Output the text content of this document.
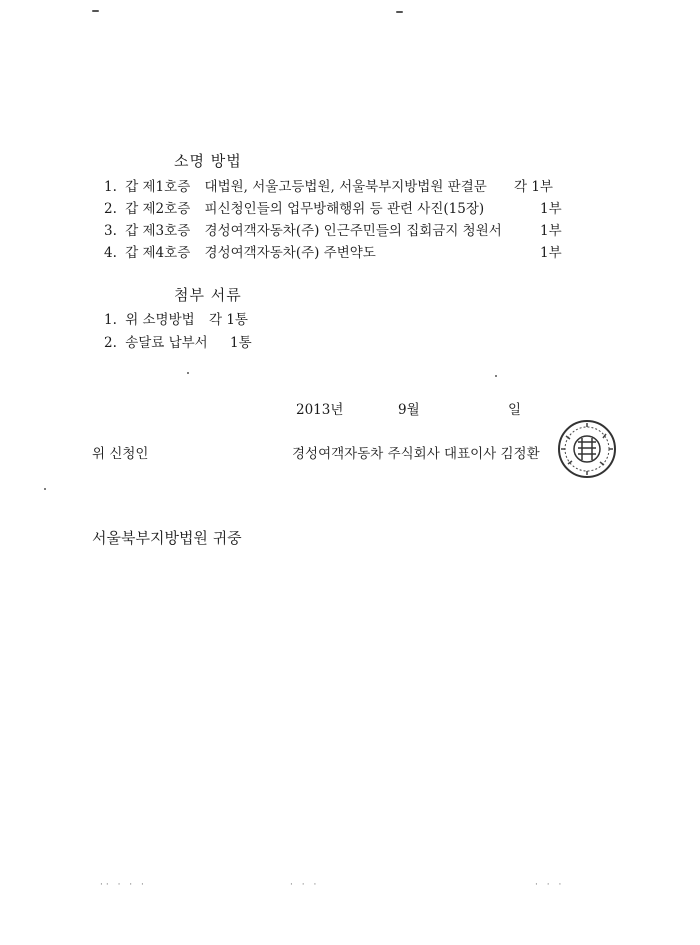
소명 방법
1. 갑 제1호증 대법원, 서울고등법원, 서울북부지방법원 판결문 각 1부
2. 갑 제2호증 피신청인들의 업무방해행위 등 관련 사진(15장)	1부
3. 갑 제3호증 경성여객자동차(주) 인근주민들의 집회금지 청원서	1부
4. 갑 제4호증 경성여객자동차(주) 주변약도	1부
첨부 서류
1. 위 소명방법 각 1통
2. 송달료 납부서 1통
2013년	9월	일
위 신청인	경성여객자동차 주식회사 대표이사 김정환
서울북부지방법원 귀중
·· · · ·	· · ·	· · ·
